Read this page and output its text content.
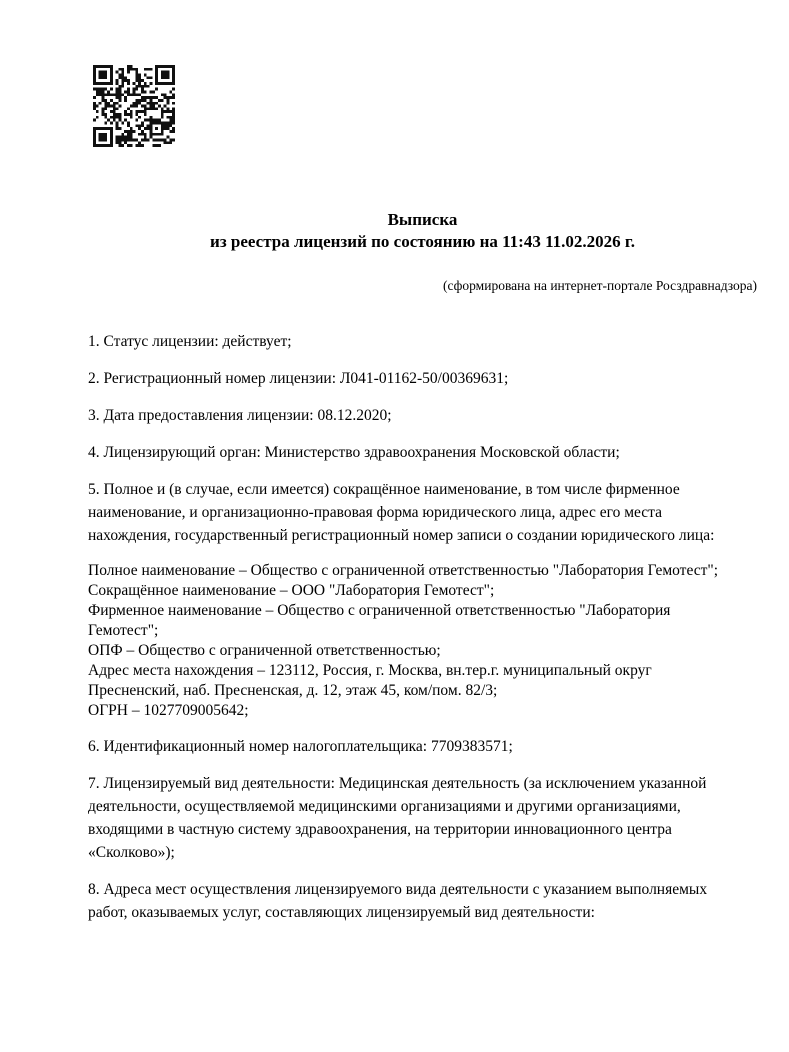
Выписка
из реестра лицензий по состоянию на 11:43 11.02.2026 г.
(сформирована на интернет-портале Росздравнадзора)
1. Статус лицензии: действует;
2. Регистрационный номер лицензии: Л041-01162-50/00369631;
3. Дата предоставления лицензии: 08.12.2020;
4. Лицензирующий орган: Министерство здравоохранения Московской области;
5. Полное и (в случае, если имеется) сокращённое наименование, в том числе фирменное
наименование, и организационно-правовая форма юридического лица, адрес его места
нахождения, государственный регистрационный номер записи о создании юридического лица:
Полное наименование – Общество с ограниченной ответственностью "Лаборатория Гемотест";
Сокращённое наименование – ООО "Лаборатория Гемотест";
Фирменное наименование – Общество с ограниченной ответственностью "Лаборатория
Гемотест";
ОПФ – Общество с ограниченной ответственностью;
Адрес места нахождения – 123112, Россия, г. Москва, вн.тер.г. муниципальный округ
Пресненский, наб. Пресненская, д. 12, этаж 45, ком/пом. 82/3;
ОГРН – 1027709005642;
6. Идентификационный номер налогоплательщика: 7709383571;
7. Лицензируемый вид деятельности: Медицинская деятельность (за исключением указанной
деятельности, осуществляемой медицинскими организациями и другими организациями,
входящими в частную систему здравоохранения, на территории инновационного центра
«Сколково»);
8. Адреса мест осуществления лицензируемого вида деятельности с указанием выполняемых
работ, оказываемых услуг, составляющих лицензируемый вид деятельности:
